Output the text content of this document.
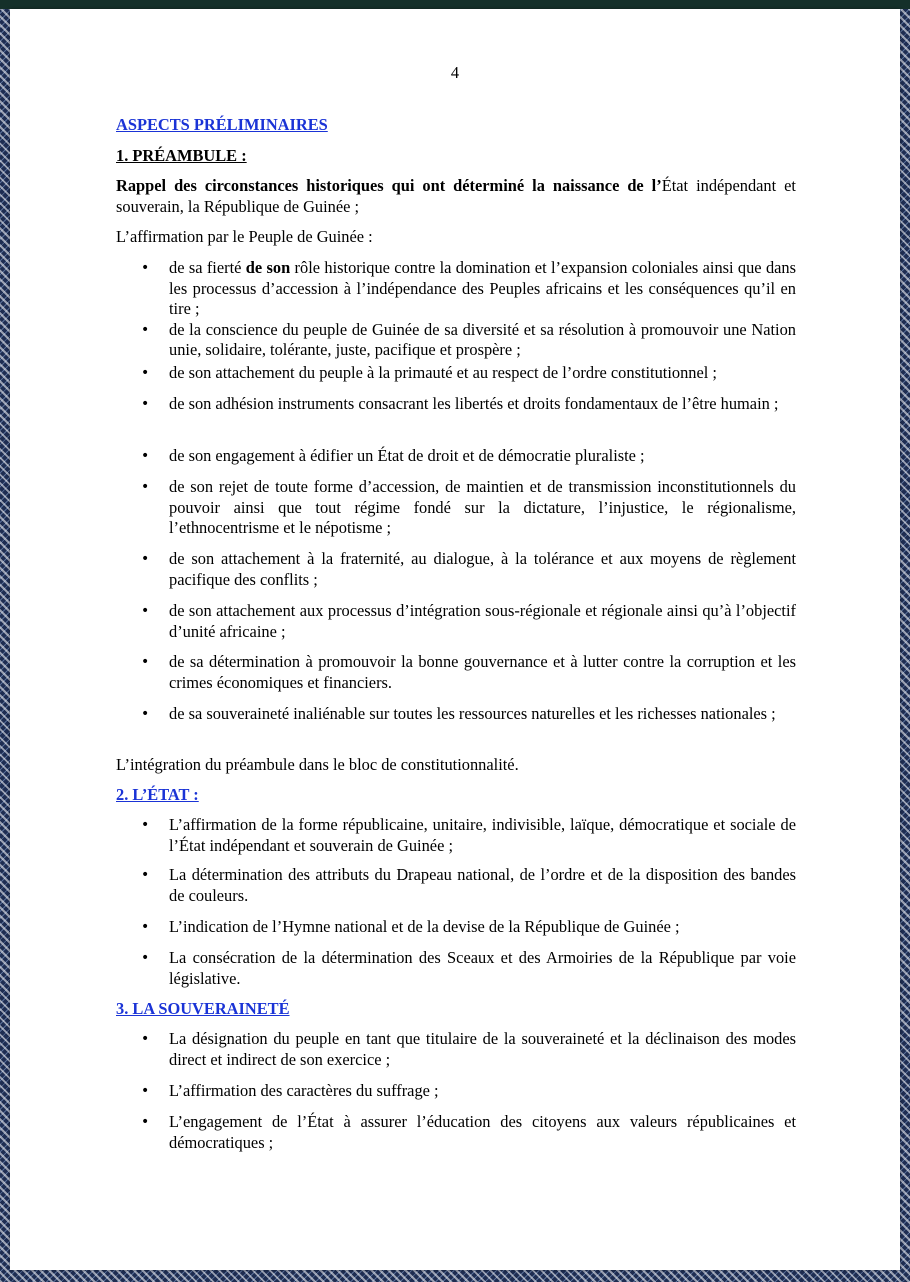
4
ASPECTS PRÉLIMINAIRES
1. PRÉAMBULE :

Rappel des circonstances historiques qui ont déterminé la naissance de l’État indépendant et souverain, la République de Guinée ;

L’affirmation par le Peuple de Guinée :

• de sa fierté de son rôle historique contre la domination et l’expansion coloniales ainsi que dans les processus d’accession à l’indépendance des Peuples africains et les conséquences qu’il en tire ;
• de la conscience du peuple de Guinée de sa diversité et sa résolution à promouvoir une Nation unie, solidaire, tolérante, juste, pacifique et prospère ;
• de son attachement du peuple à la primauté et au respect de l’ordre constitutionnel ;
• de son adhésion instruments consacrant les libertés et droits fondamentaux de l’être humain ;
• de son engagement à édifier un État de droit et de démocratie pluraliste ;
• de son rejet de toute forme d’accession, de maintien et de transmission inconstitutionnels du pouvoir ainsi que tout régime fondé sur la dictature, l’injustice, le régionalisme, l’ethnocentrisme et le népotisme ;
• de son attachement à la fraternité, au dialogue, à la tolérance et aux moyens de règlement pacifique des conflits ;
• de son attachement aux processus d’intégration sous-régionale et régionale ainsi qu’à l’objectif d’unité africaine ;
• de sa détermination à promouvoir la bonne gouvernance et à lutter contre la corruption et les crimes économiques et financiers.
• de sa souveraineté inaliénable sur toutes les ressources naturelles et les richesses nationales ;

L’intégration du préambule dans le bloc de constitutionnalité.

2. L’ÉTAT :
• L’affirmation de la forme républicaine, unitaire, indivisible, laïque, démocratique et sociale de l’État indépendant et souverain de Guinée ;
• La détermination des attributs du Drapeau national, de l’ordre et de la disposition des bandes de couleurs.
• L’indication de l’Hymne national et de la devise de la République de Guinée ;
• La consécration de la détermination des Sceaux et des Armoiries de la République par voie législative.
3. LA SOUVERAINETÉ
• La désignation du peuple en tant que titulaire de la souveraineté et la déclinaison des modes direct et indirect de son exercice ;
• L’affirmation des caractères du suffrage ;
• L’engagement de l’État à assurer l’éducation des citoyens aux valeurs républicaines et démocratiques ;
